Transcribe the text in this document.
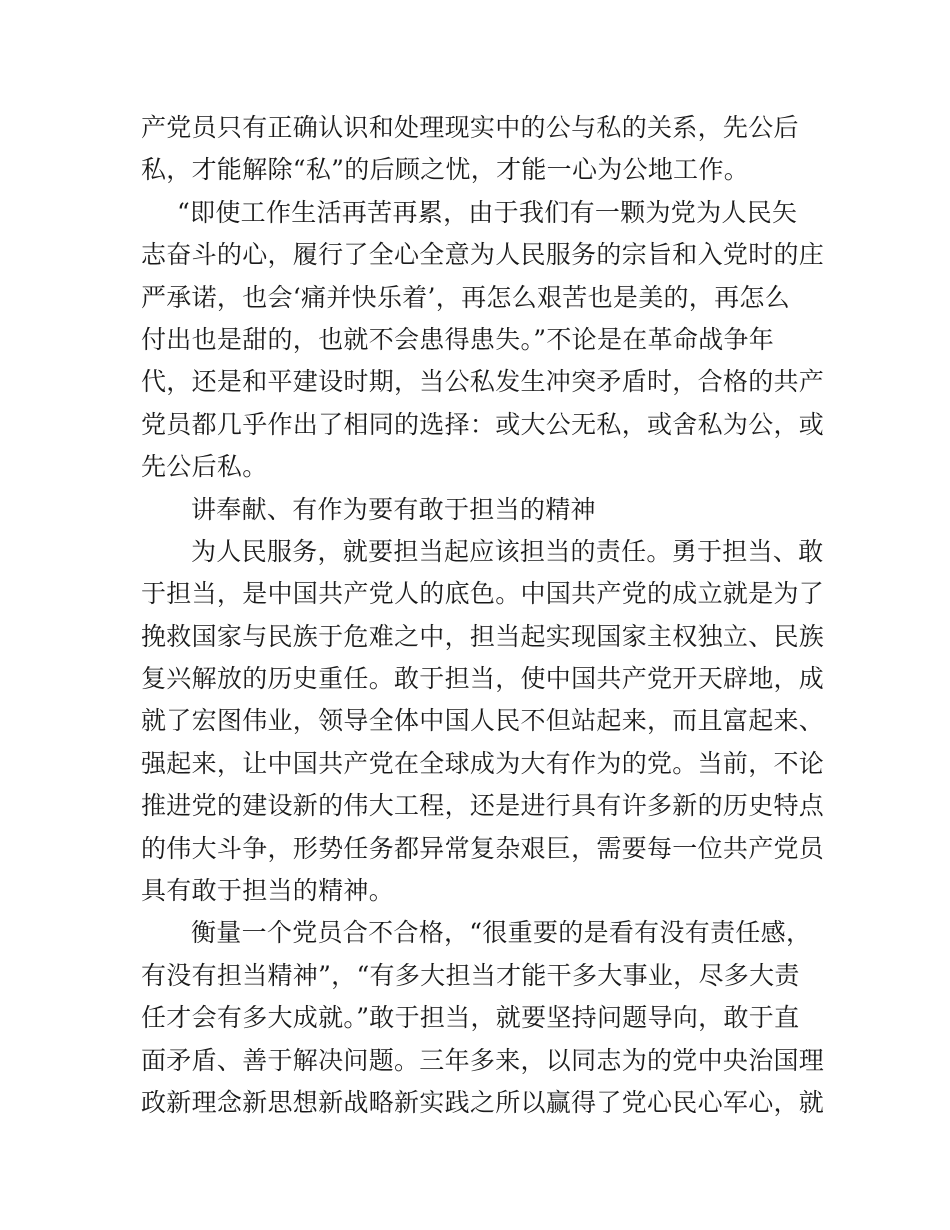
产党员只有正确认识和处理现实中的公与私的关系，先公后
私，才能解除“私”的后顾之忧，才能一心为公地工作。
“即使工作生活再苦再累，由于我们有一颗为党为人民矢
志奋斗的心，履行了全心全意为人民服务的宗旨和入党时的庄
严承诺，也会‘痛并快乐着’，再怎么艰苦也是美的，再怎么
付出也是甜的，也就不会患得患失。”不论是在革命战争年
代，还是和平建设时期，当公私发生冲突矛盾时，合格的共产
党员都几乎作出了相同的选择：或大公无私，或舍私为公，或
先公后私。
讲奉献、有作为要有敢于担当的精神
为人民服务，就要担当起应该担当的责任。勇于担当、敢
于担当，是中国共产党人的底色。中国共产党的成立就是为了
挽救国家与民族于危难之中，担当起实现国家主权独立、民族
复兴解放的历史重任。敢于担当，使中国共产党开天辟地，成
就了宏图伟业，领导全体中国人民不但站起来，而且富起来、
强起来，让中国共产党在全球成为大有作为的党。当前，不论
推进党的建设新的伟大工程，还是进行具有许多新的历史特点
的伟大斗争，形势任务都异常复杂艰巨，需要每一位共产党员
具有敢于担当的精神。
衡量一个党员合不合格，“很重要的是看有没有责任感，
有没有担当精神”，“有多大担当才能干多大事业，尽多大责
任才会有多大成就。”敢于担当，就要坚持问题导向，敢于直
面矛盾、善于解决问题。三年多来，以同志为的党中央治国理
政新理念新思想新战略新实践之所以赢得了党心民心军心，就
